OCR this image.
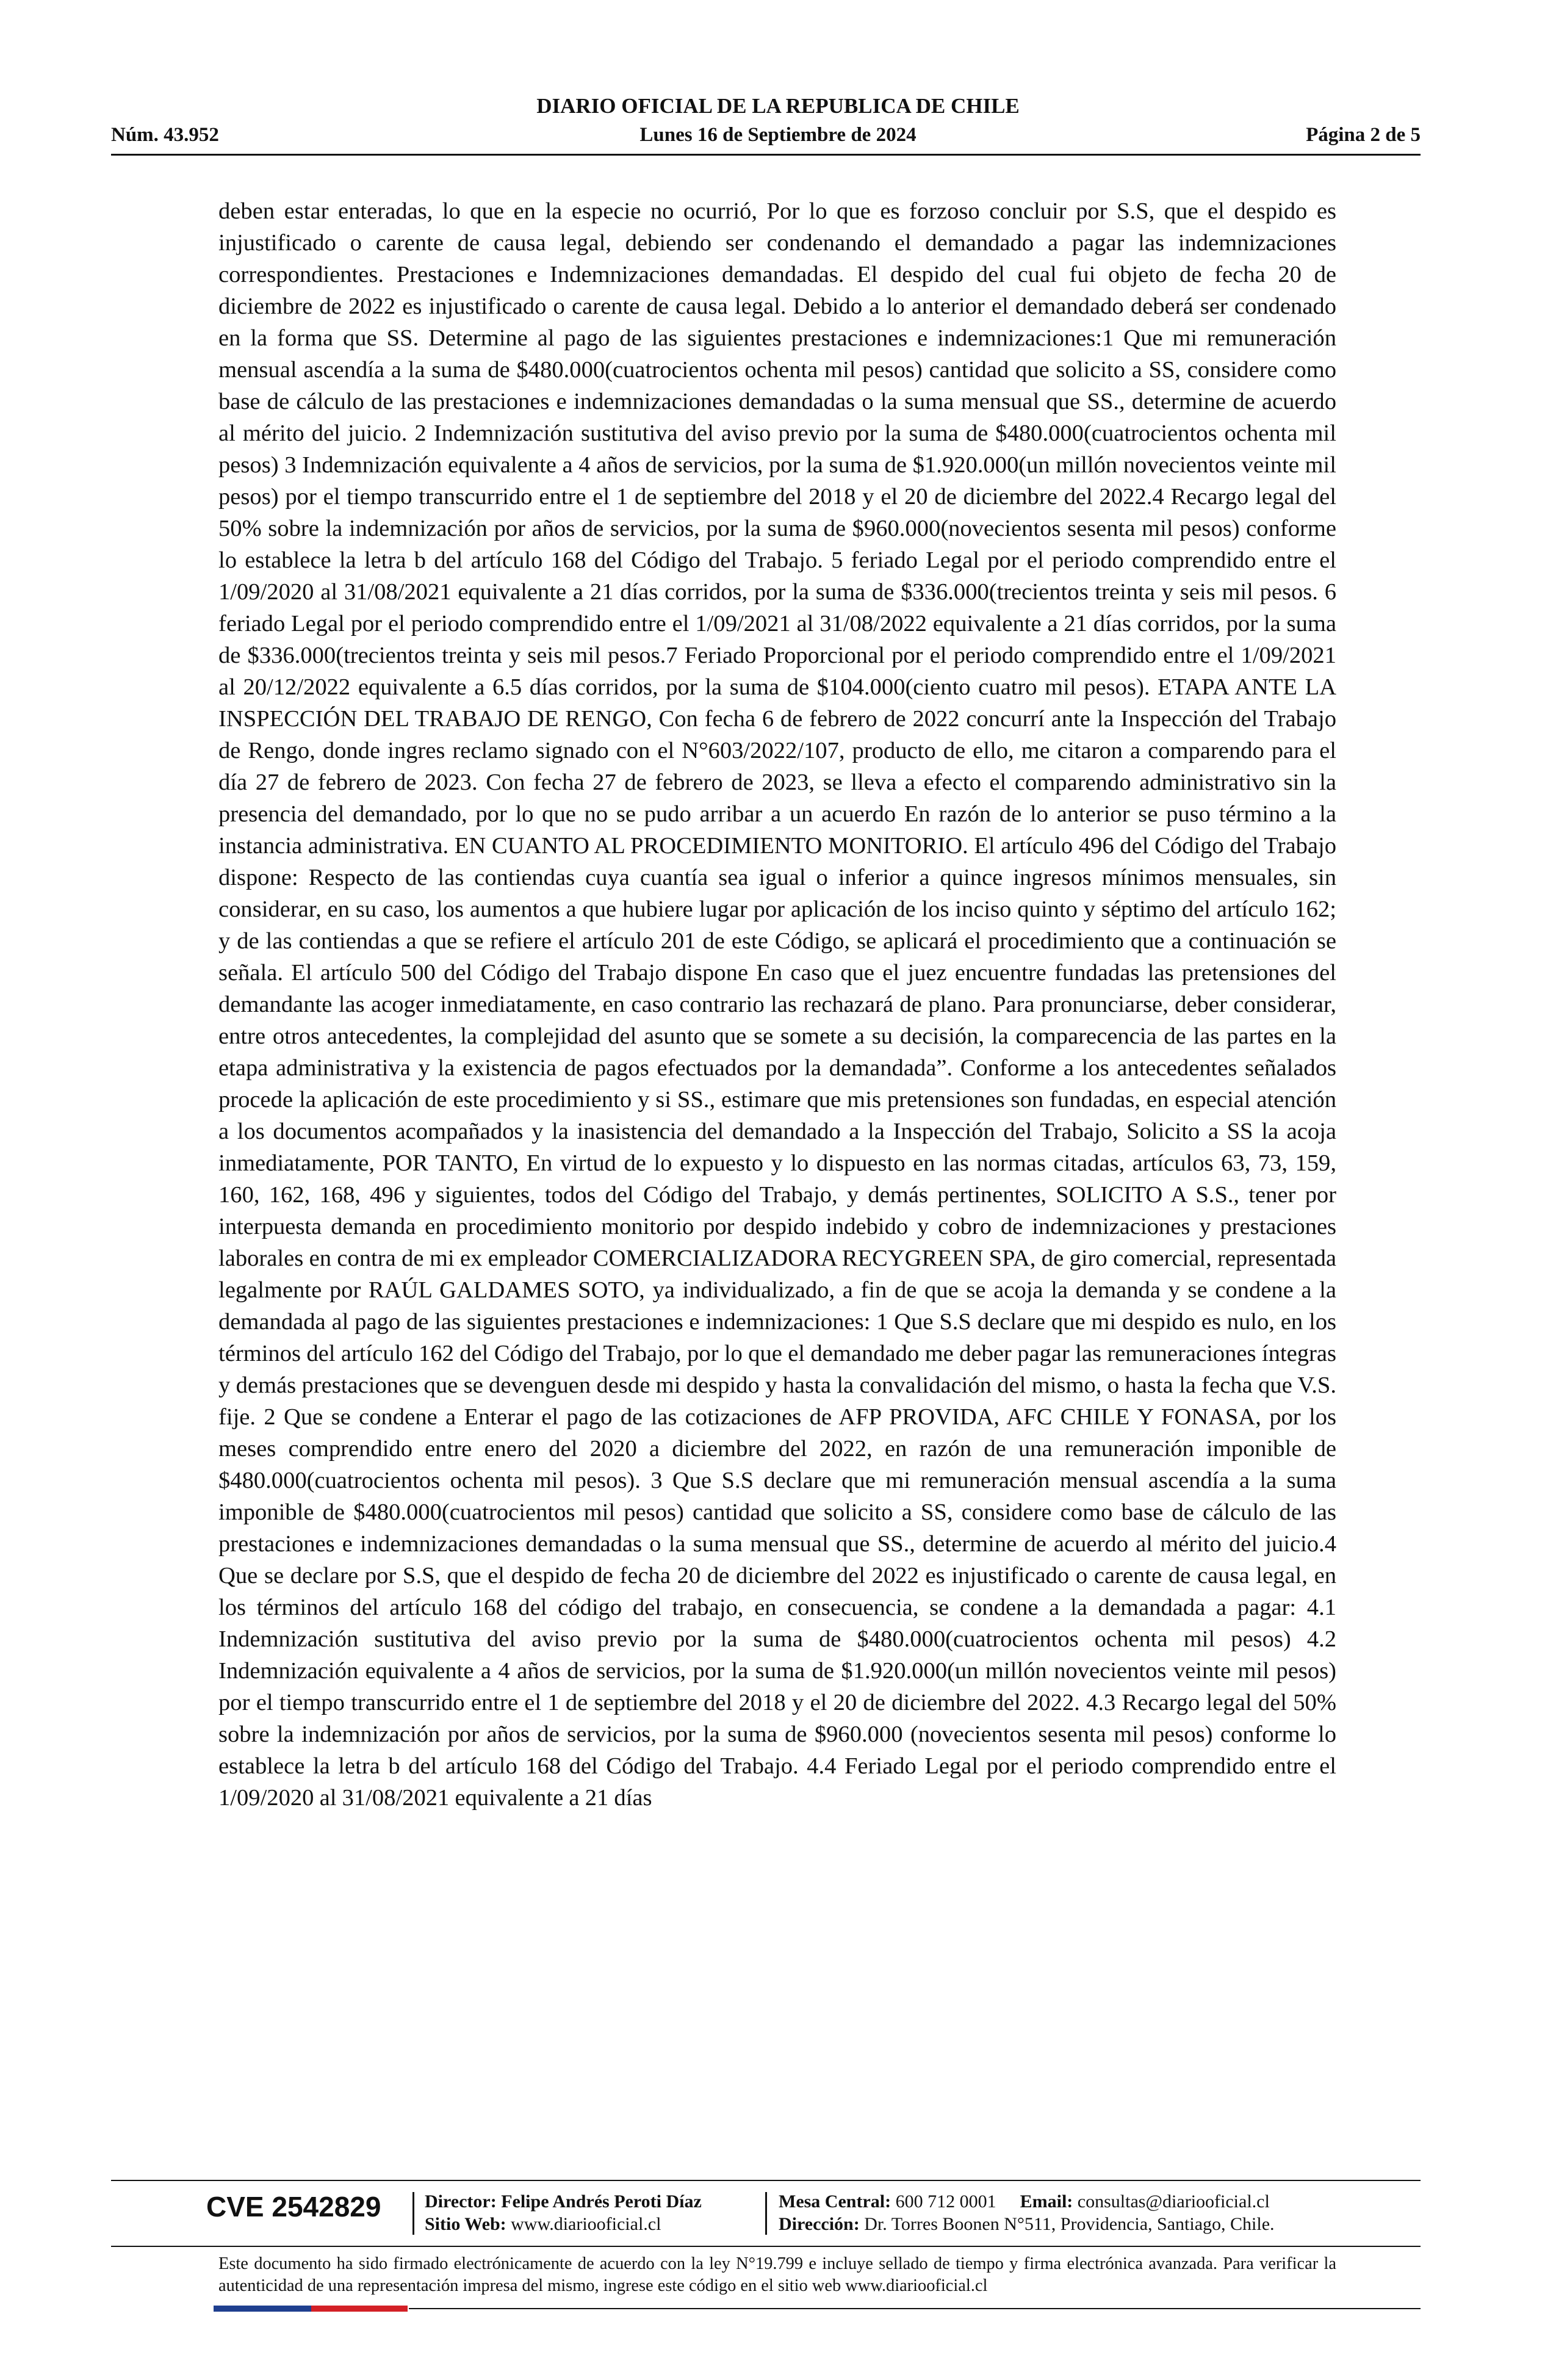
DIARIO OFICIAL DE LA REPUBLICA DE CHILE
Núm. 43.952	Lunes 16 de Septiembre de 2024	Página 2 de 5
deben estar enteradas, lo que en la especie no ocurrió, Por lo que es forzoso concluir por S.S, que el despido es injustificado o carente de causa legal, debiendo ser condenando el demandado a pagar las indemnizaciones correspondientes. Prestaciones e Indemnizaciones demandadas. El despido del cual fui objeto de fecha 20 de diciembre de 2022 es injustificado o carente de causa legal. Debido a lo anterior el demandado deberá ser condenado en la forma que SS. Determine al pago de las siguientes prestaciones e indemnizaciones:1 Que mi remuneración mensual ascendía a la suma de $480.000(cuatrocientos ochenta mil pesos) cantidad que solicito a SS, considere como base de cálculo de las prestaciones e indemnizaciones demandadas o la suma mensual que SS., determine de acuerdo al mérito del juicio. 2 Indemnización sustitutiva del aviso previo por la suma de $480.000(cuatrocientos ochenta mil pesos) 3 Indemnización equivalente a 4 años de servicios, por la suma de $1.920.000(un millón novecientos veinte mil pesos) por el tiempo transcurrido entre el 1 de septiembre del 2018 y el 20 de diciembre del 2022.4 Recargo legal del 50% sobre la indemnización por años de servicios, por la suma de $960.000(novecientos sesenta mil pesos) conforme lo establece la letra b del artículo 168 del Código del Trabajo. 5 feriado Legal por el periodo comprendido entre el 1/09/2020 al 31/08/2021 equivalente a 21 días corridos, por la suma de $336.000(trecientos treinta y seis mil pesos. 6 feriado Legal por el periodo comprendido entre el 1/09/2021 al 31/08/2022 equivalente a 21 días corridos, por la suma de $336.000(trecientos treinta y seis mil pesos.7 Feriado Proporcional por el periodo comprendido entre el 1/09/2021 al 20/12/2022 equivalente a 6.5 días corridos, por la suma de $104.000(ciento cuatro mil pesos). ETAPA ANTE LA INSPECCIÓN DEL TRABAJO DE RENGO, Con fecha 6 de febrero de 2022 concurrí ante la Inspección del Trabajo de Rengo, donde ingres reclamo signado con el N°603/2022/107, producto de ello, me citaron a comparendo para el día 27 de febrero de 2023. Con fecha 27 de febrero de 2023, se lleva a efecto el comparendo administrativo sin la presencia del demandado, por lo que no se pudo arribar a un acuerdo En razón de lo anterior se puso término a la instancia administrativa. EN CUANTO AL PROCEDIMIENTO MONITORIO. El artículo 496 del Código del Trabajo dispone: Respecto de las contiendas cuya cuantía sea igual o inferior a quince ingresos mínimos mensuales, sin considerar, en su caso, los aumentos a que hubiere lugar por aplicación de los inciso quinto y séptimo del artículo 162; y de las contiendas a que se refiere el artículo 201 de este Código, se aplicará el procedimiento que a continuación se señala. El artículo 500 del Código del Trabajo dispone En caso que el juez encuentre fundadas las pretensiones del demandante las acoger inmediatamente, en caso contrario las rechazará de plano. Para pronunciarse, deber considerar, entre otros antecedentes, la complejidad del asunto que se somete a su decisión, la comparecencia de las partes en la etapa administrativa y la existencia de pagos efectuados por la demandada”. Conforme a los antecedentes señalados procede la aplicación de este procedimiento y si SS., estimare que mis pretensiones son fundadas, en especial atención a los documentos acompañados y la inasistencia del demandado a la Inspección del Trabajo, Solicito a SS la acoja inmediatamente, POR TANTO, En virtud de lo expuesto y lo dispuesto en las normas citadas, artículos 63, 73, 159, 160, 162, 168, 496 y siguientes, todos del Código del Trabajo, y demás pertinentes, SOLICITO A S.S., tener por interpuesta demanda en procedimiento monitorio por despido indebido y cobro de indemnizaciones y prestaciones laborales en contra de mi ex empleador COMERCIALIZADORA RECYGREEN SPA, de giro comercial, representada legalmente por RAÚL GALDAMES SOTO, ya individualizado, a fin de que se acoja la demanda y se condene a la demandada al pago de las siguientes prestaciones e indemnizaciones: 1 Que S.S declare que mi despido es nulo, en los términos del artículo 162 del Código del Trabajo, por lo que el demandado me deber pagar las remuneraciones íntegras y demás prestaciones que se devenguen desde mi despido y hasta la convalidación del mismo, o hasta la fecha que V.S. fije. 2 Que se condene a Enterar el pago de las cotizaciones de AFP PROVIDA, AFC CHILE Y FONASA, por los meses comprendido entre enero del 2020 a diciembre del 2022, en razón de una remuneración imponible de $480.000(cuatrocientos ochenta mil pesos). 3 Que S.S declare que mi remuneración mensual ascendía a la suma imponible de $480.000(cuatrocientos mil pesos) cantidad que solicito a SS, considere como base de cálculo de las prestaciones e indemnizaciones demandadas o la suma mensual que SS., determine de acuerdo al mérito del juicio.4 Que se declare por S.S, que el despido de fecha 20 de diciembre del 2022 es injustificado o carente de causa legal, en los términos del artículo 168 del código del trabajo, en consecuencia, se condene a la demandada a pagar: 4.1 Indemnización sustitutiva del aviso previo por la suma de $480.000(cuatrocientos ochenta mil pesos) 4.2 Indemnización equivalente a 4 años de servicios, por la suma de $1.920.000(un millón novecientos veinte mil pesos) por el tiempo transcurrido entre el 1 de septiembre del 2018 y el 20 de diciembre del 2022. 4.3 Recargo legal del 50% sobre la indemnización por años de servicios, por la suma de $960.000 (novecientos sesenta mil pesos) conforme lo establece la letra b del artículo 168 del Código del Trabajo. 4.4 Feriado Legal por el periodo comprendido entre el 1/09/2020 al 31/08/2021 equivalente a 21 días
CVE 2542829	Director: Felipe Andrés Peroti Díaz
Sitio Web: www.diariooficial.cl
Mesa Central: 600 712 0001 Email: consultas@diariooficial.cl
Dirección: Dr. Torres Boonen N°511, Providencia, Santiago, Chile.
Este documento ha sido firmado electrónicamente de acuerdo con la ley N°19.799 e incluye sellado de tiempo y firma electrónica avanzada. Para verificar la autenticidad de una representación impresa del mismo, ingrese este código en el sitio web www.diariooficial.cl
